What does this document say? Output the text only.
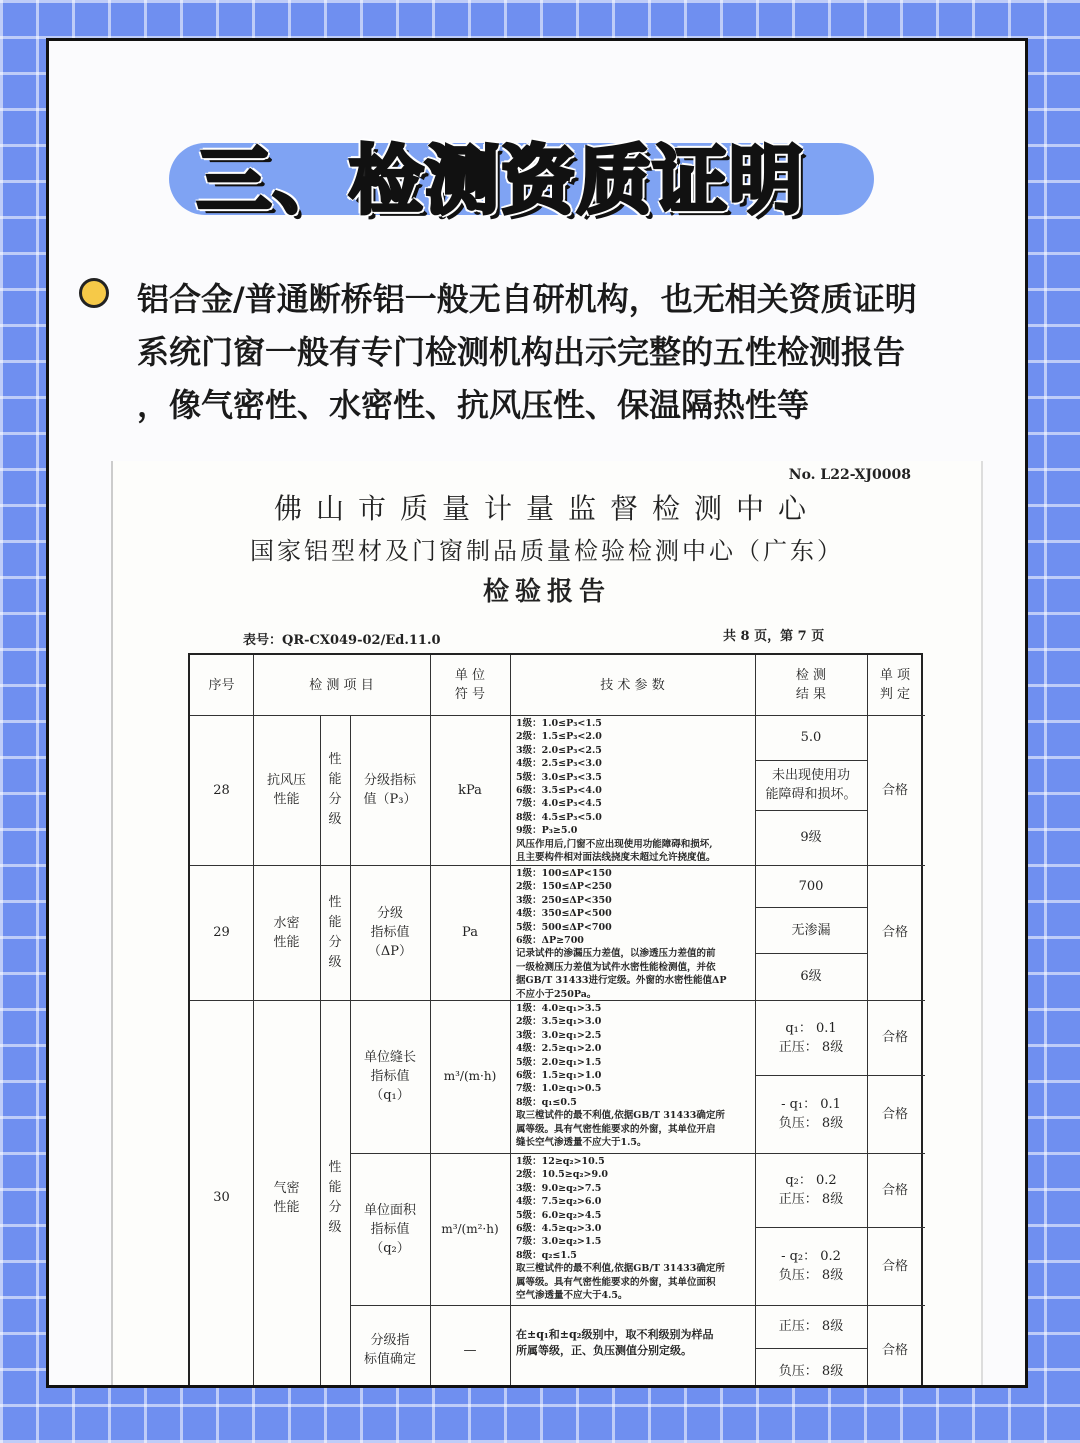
三、检测资质证明
铝合金/普通断桥铝一般无自研机构，也无相关资质证明
系统门窗一般有专门检测机构出示完整的五性检测报告
，像气密性、水密性、抗风压性、保温隔热性等
No. L22-XJ0008
佛山市质量计量监督检测中心
国家铝型材及门窗制品质量检验检测中心（广东）
检验报告
表号：QR-CX049-02/Ed.11.0	共 8 页，第 7 页
序号	检 测 项 目
单 位
符 号
技 术 参 数
检 测
结 果
单 项
判 定
28
抗风压
性能
性
能
分
级
分级指标
值（P₃）
kPa
1级：1.0≤P₃<1.5
2级：1.5≤P₃<2.0
3级：2.0≤P₃<2.5
4级：2.5≤P₃<3.0
5级：3.0≤P₃<3.5
6级：3.5≤P₃<4.0
7级：4.0≤P₃<4.5
8级：4.5≤P₃<5.0
9级：P₃≥5.0
风压作用后,门窗不应出现使用功能障碍和损坏,
且主要构件相对面法线挠度未超过允许挠度值。
5.0
未出现使用功
能障碍和损坏。
9级
合格
29
水密
性能
性
能
分
级
分级
指标值
（ΔP）
Pa
1级：100≤ΔP<150
2级：150≤ΔP<250
3级：250≤ΔP<350
4级：350≤ΔP<500
5级：500≤ΔP<700
6级：ΔP≥700
记录试件的渗漏压力差值，以渗透压力差值的前
一级检测压力差值为试件水密性能检测值，并依
据GB/T 31433进行定级。外窗的水密性能值ΔP
不应小于250Pa。
700
无渗漏
6级
合格
30
气密
性能
性
能
分
级
单位缝长
指标值
（q₁）
m³/(m·h)
1级：4.0≥q₁>3.5
2级：3.5≥q₁>3.0
3级：3.0≥q₁>2.5
4级：2.5≥q₁>2.0
5级：2.0≥q₁>1.5
6级：1.5≥q₁>1.0
7级：1.0≥q₁>0.5
8级：q₁≤0.5
取三樘试件的最不利值,依据GB/T 31433确定所
属等级。具有气密性能要求的外窗，其单位开启
缝长空气渗透量不应大于1.5。
q₁： 0.1
正压： 8级
- q₁： 0.1
负压： 8级
合格
合格
单位面积
指标值
（q₂）
m³/(m²·h)
1级：12≥q₂>10.5
2级：10.5≥q₂>9.0
3级：9.0≥q₂>7.5
4级：7.5≥q₂>6.0
5级：6.0≥q₂>4.5
6级：4.5≥q₂>3.0
7级：3.0≥q₂>1.5
8级：q₂≤1.5
取三樘试件的最不利值,依据GB/T 31433确定所
属等级。具有气密性能要求的外窗，其单位面积
空气渗透量不应大于4.5。
q₂： 0.2
正压： 8级
- q₂： 0.2
负压： 8级
合格
合格
分级指
标值确定
—
在±q₁和±q₂级别中，取不利级别为样品
所属等级，正、负压测值分别定级。
正压： 8级
负压： 8级
合格
